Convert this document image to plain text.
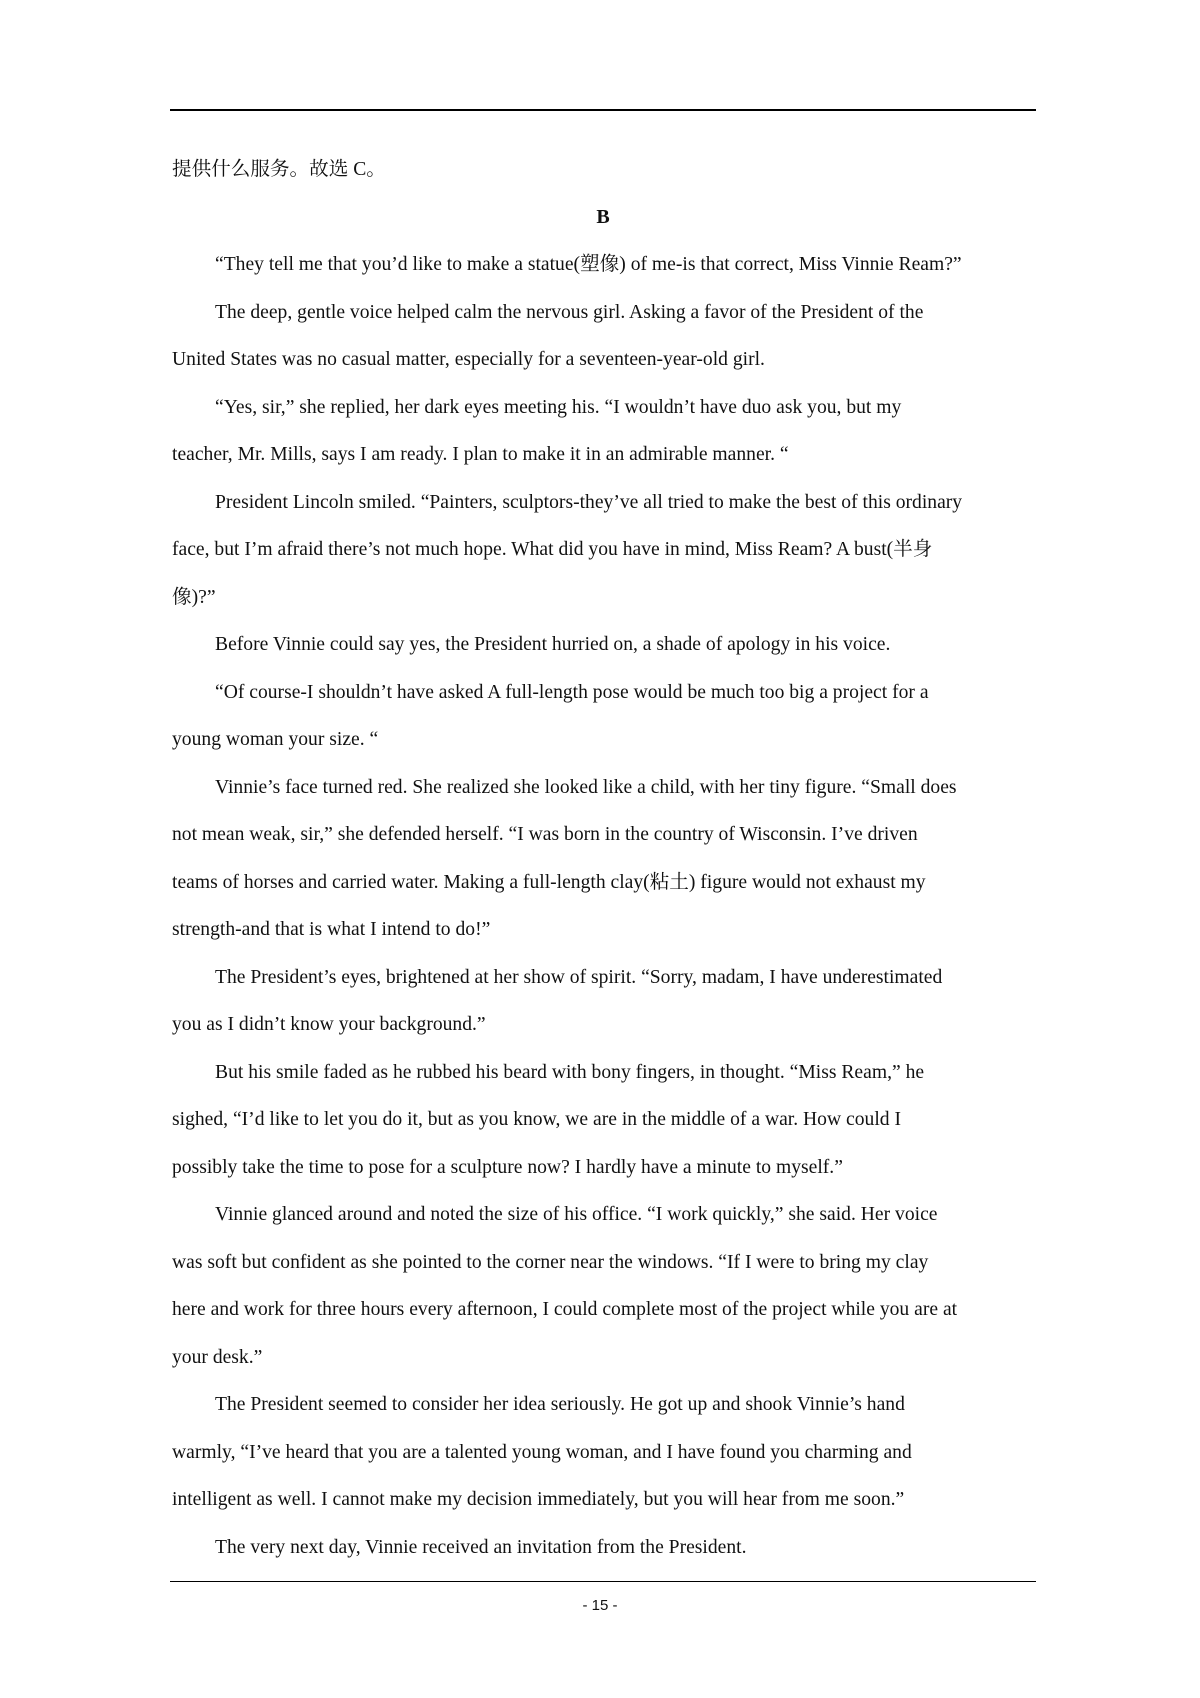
提供什么服务。故选 C。
B
“They tell me that you’d like to make a statue(塑像) of me-is that correct, Miss Vinnie Ream?”
The deep, gentle voice helped calm the nervous girl. Asking a favor of the President of the
United States was no casual matter, especially for a seventeen-year-old girl.
“Yes, sir,” she replied, her dark eyes meeting his. “I wouldn’t have duo ask you, but my
teacher, Mr. Mills, says I am ready. I plan to make it in an admirable manner. “
President Lincoln smiled. “Painters, sculptors-they’ve all tried to make the best of this ordinary
face, but I’m afraid there’s not much hope. What did you have in mind, Miss Ream? A bust(半身
像)?”
Before Vinnie could say yes, the President hurried on, a shade of apology in his voice.
“Of course-I shouldn’t have asked A full-length pose would be much too big a project for a
young woman your size. “
Vinnie’s face turned red. She realized she looked like a child, with her tiny figure. “Small does
not mean weak, sir,” she defended herself. “I was born in the country of Wisconsin. I’ve driven
teams of horses and carried water. Making a full-length clay(粘土) figure would not exhaust my
strength-and that is what I intend to do!”
The President’s eyes, brightened at her show of spirit. “Sorry, madam, I have underestimated
you as I didn’t know your background.”
But his smile faded as he rubbed his beard with bony fingers, in thought. “Miss Ream,” he
sighed, “I’d like to let you do it, but as you know, we are in the middle of a war. How could I
possibly take the time to pose for a sculpture now? I hardly have a minute to myself.”
Vinnie glanced around and noted the size of his office. “I work quickly,” she said. Her voice
was soft but confident as she pointed to the corner near the windows. “If I were to bring my clay
here and work for three hours every afternoon, I could complete most of the project while you are at
your desk.”
The President seemed to consider her idea seriously. He got up and shook Vinnie’s hand
warmly, “I’ve heard that you are a talented young woman, and I have found you charming and
intelligent as well. I cannot make my decision immediately, but you will hear from me soon.”
The very next day, Vinnie received an invitation from the President.
- 15 -
